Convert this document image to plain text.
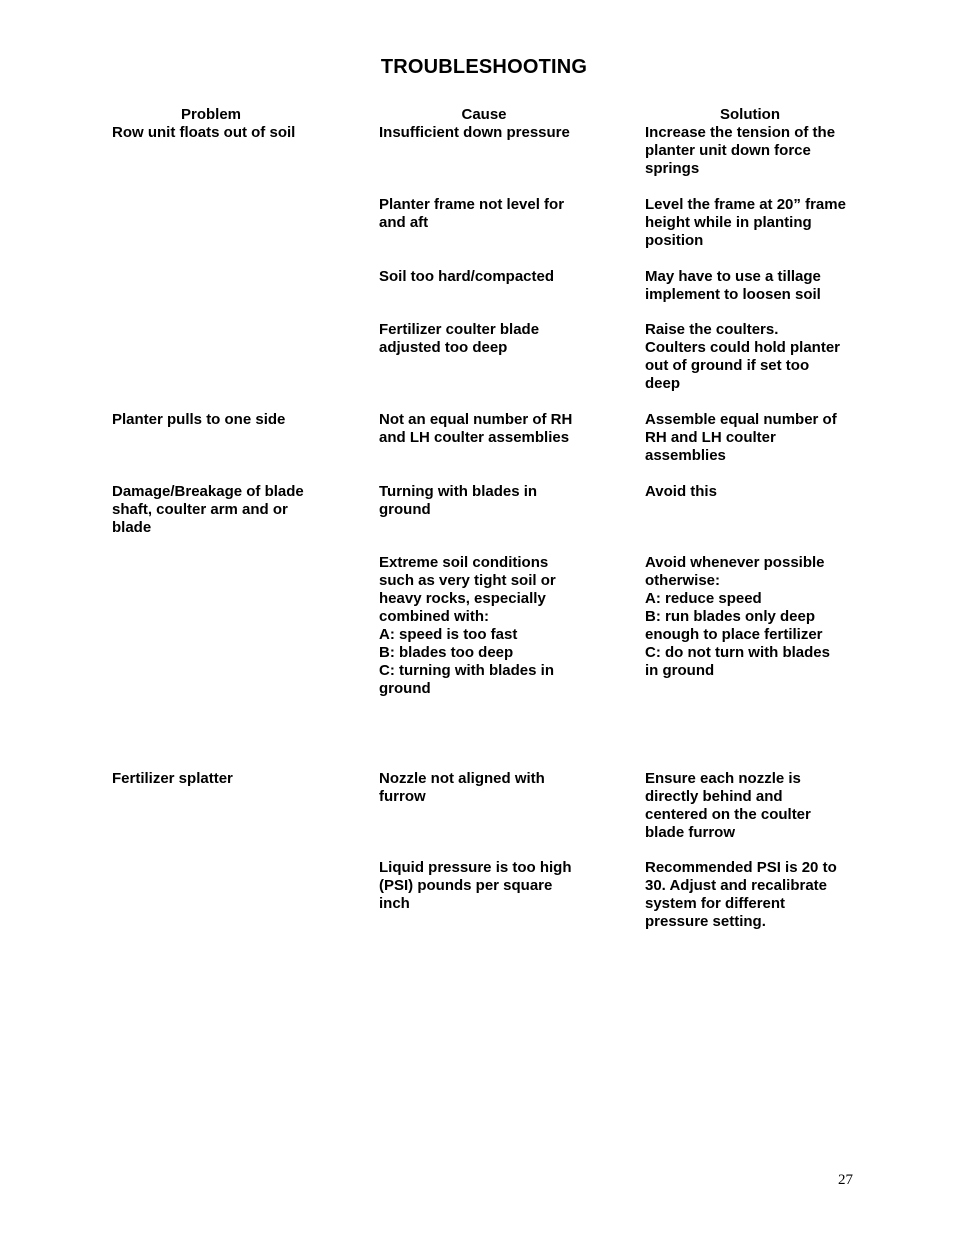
TROUBLESHOOTING
Problem	Cause	Solution
Row unit floats out of soil
Planter pulls to one side
Damage/Breakage of blade
shaft, coulter arm and or
blade
Fertilizer splatter
Insufficient down pressure
Planter frame not level for
and aft
Soil too hard/compacted
Fertilizer coulter blade
adjusted too deep
Not an equal number of RH
and LH coulter assemblies
Turning with blades in
ground
Extreme soil conditions
such as very tight soil or
heavy rocks, especially
combined with:
A: speed is too fast
B: blades too deep
C: turning with blades in
ground
Nozzle not aligned with
furrow
Liquid pressure is too high
(PSI) pounds per square
inch
Increase the tension of the
planter unit down force
springs
Level the frame at 20” frame
height while in planting
position
May have to use a tillage
implement to loosen soil
Raise the coulters.
Coulters could hold planter
out of ground if set too
deep
Assemble equal number of
RH and LH coulter
assemblies
Avoid this
Avoid whenever possible
otherwise:
A: reduce speed
B: run blades only deep
enough to place fertilizer
C: do not turn with blades
in ground
Ensure each nozzle is
directly behind and
centered on the coulter
blade furrow
Recommended PSI is 20 to
30. Adjust and recalibrate
system for different
pressure setting.
27
